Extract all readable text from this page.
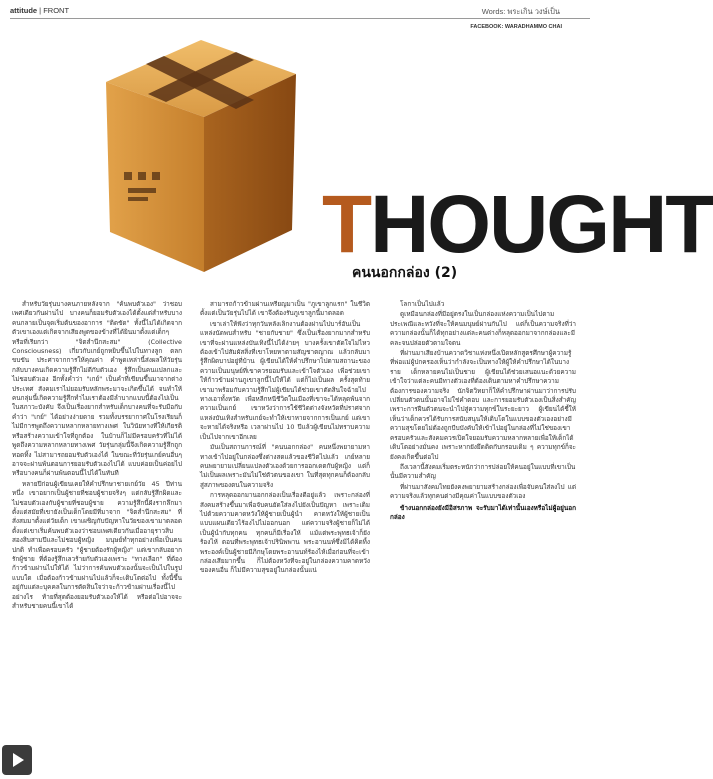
attitude | FRONT	Words: พระเกิน วงษ์เป็น
FACEBOOK: WARADHAMMO CHAI
THOUGHT
คนนอกกล่อง (2)

สำหรับวัยรุ่นบางคนภายหลังจาก "ค้นพบตัวเอง" ว่าชอบเพศเดียวกันผ่านไป บางคนก็ยอมรับตัวเองได้ตั้งแต่สำหรับบางคนกลายเป็นจุดเริ่มต้นของอาการ "ติดขัด" ทั้งนี้ไม่ได้เกิดจากตัวเขาเองแต่เกิดจากเสียงพูดของข้างที่ได้ยินมาตั้งแต่เด็กๆ หรือที่เรียกว่า "จิตสำนึกสะสม" (Collective Consciousness) เกี่ยวกับเกย์ถูกหยิบขึ้นไปในทางลูก ตลกขบขัน ประศาจากการให้คุณค่า คำพูดเหล่านี้ส่งผลให้วัยรุ่นกลับบางคนเกิดความรู้สึกไม่ดีกับตัวเอง รู้สึกเป็นคนแปลกและไม่ชอบตัวเอง อีกทั้งคำว่า "เกย์" เป็นคำที่เขียนขึ้นมาจากต่างประเทศ สังคมเราไม่ยอมรับหลักพระมาจะเกิดขึ้นได้ จนทำให้คนกลุ่มนี้เกิดความรู้สึกทำไมเราต้องมีลำบากแบบนี้ต้องไปเป็นในสภาวะบังคับ จึงเป็นเรื่องยากสำหรับเด็กบางคนที่จะรับมือกับคำว่า "เกย์" ได้อย่างง่ายดาย รวมทั้งบรรยากาศในโรงเรียนก็ไม่มีการพูดถึงความหลากหลายทางเพศ ในวินัยทางที่ให้เกียรติหรือสร้างความเข้าใจที่ถูกต้อง ในบ้านก็ไม่มีครอบครัวที่ไม่ได้พูดถึงความหลากหลายทางเพศ วัยรุ่นกลุ่มนี้จึงเกิดความรู้สึกถูกทอดทิ้ง ไม่สามารถยอมรับตัวเองได้ ในขณะที่วัยรุ่นเกย์คนอื่นๆ อาจจะผ่านพ้นตอนการยอมรับตัวเองไปได้ แบบค่อยเป็นค่อยไป หรือบางคนก็ผ่านพ้นตอนนี้ไปได้ในทันที

หลายปีก่อนผู้เขียนเคยให้คำปรึกษาชายเกย์วัย 45 ปีท่านหนึ่ง เขาอยากเป็นผู้ชายที่ชอบผู้ชายจริงๆ แต่กลับรู้สึกผิดและไม่ชอบตัวเองกับผู้ชายที่ชอบผู้ชาย ความรู้สึกนี้ฝังรากลึกมาตั้งแต่สมัยที่เขายังเป็นเด็กโดยมีที่มาจาก "จิตสำนึกสะสม" ที่สั่งสมมาตั้งแต่วัยเด็ก เขาเผชิญกับปัญหาในวัยของเขามาตลอด ตั้งแต่เขาเริ่มค้นพบตัวเองว่าชอบเพศเดียวกันเมื่ออายุราวสิบสองสิบสามปีและไม่ชอบผู้หญิง มนุษย์ทำทุกอย่างเพื่อเป็นคนปกติ ทำเพื่อครอบครัว "ผู้ชายต้องรักผู้หญิง" แต่เขากลับอยากรักผู้ชาย ที่ต้องรู้สึกเลวร้ายกับตัวเองเพราะ "ทางเลือก" ที่ต้องก้าวข้ามผ่านไปให้ได้ ไม่ว่าการค้นพบตัวเองนั้นจะเป็นไปในรูปแบบใด เมื่อต้องก้าวข้ามผ่านไปแล้วก็จะเติบโตต่อไป ทั้งนี้ขึ้นอยู่กับแต่ละบุคคลในการตัดสินใจว่าจะก้าวข้ามผ่านเรื่องนี้ไปอย่างไร ท้ายที่สุดต้องยอมรับตัวเองให้ได้ หรือต่อไปอาจจะสำหรับชายคนนี้เขาได้

สามารถก้าวข้ามผ่านเหรียญมาเป็น "ภูเขาลูกแรก" ในชีวิตตั้งแต่เป็นวัยรุ่นไปได้ เขาจึงต้องรับภูเขาลูกนี้มาตลอด

เขาเล่าให้ฟังว่าทุกวันหลังเลิกงานต้องผ่านไปบาร์อันเป็นแหล่งนัดพบสำหรับ "ชายกับชาย" ซึ่งเป็นเรื่องยากมากสำหรับเขาที่จะผ่านแหล่งบันเทิงนี้ไปได้ง่ายๆ บางครั้งเขาตัดใจไม่ไหวต้องเข้าไปสัมผัสสิ่งที่เขาโหยหาตามสัญชาตญาณ แล้วกลับมารู้สึกผิดบาปอยู่ที่บ้าน ผู้เขียนได้ให้คำปรึกษาไปตามสถานะของความเป็นมนุษย์ที่เขาควรยอมรับและเข้าใจตัวเอง เพื่อช่วยเขาให้ก้าวข้ามผ่านภูเขาลูกนี้ไปให้ได้ แต่ก็ไม่เป็นผล ครั้งสุดท้ายเขามาพร้อมกับความรู้สึกไม่ผู้เขียนได้ช่วยเขาตัดสินใจฉ้ายไปทางเอาทั้งหวัด เพื่อหลีกหนีชีวิตในเมืองที่เขาจะได้หลุดพ้นจากความเป็นเกย์ เขาหวังว่าการใช้ชีวิตต่างจังหวัดที่ปราศจากแหล่งบันเทิงสำหรับเกย์จะทำให้เขาหายจากการเป็นเกย์ แต่เขาจะหายได้จริงหรือ เวลาผ่านไป 10 ปีแล้วผู้เขียนไม่ทราบความเป็นไปจากเขาอีกเลย

มันเป็นสถานการณ์ที่ "คนนอกกล่อง" คนหนึ่งพยายามหาทางเข้าไปอยู่ในกล่องซึ่งต่างสดแล้วของชีวิตไปแล้ว เกย์หลายคนพยายามเปลี่ยนแปลงตัวเองด้วยการออกเดตกับผู้หญิง แต่ก็ไม่เป็นผลเพราะมันไม่ใช่ตัวตนของเขา ในที่สุดทุกคนก็ต้องกลับสู่สภาพของตนในความจริง

การหลุดออกมานอกกล่องเป็นเรื่องดีอยู่แล้ว เพราะกล่องที่สังคมสร้างขึ้นมาเพื่อจับคนยัดใส่ลงไปยังเป็นปัญหา เพราะเติมไปด้วยความคาดหวังให้ผู้ชายเป็นผู้นำ คาดหวังให้ผู้ชายเป็นแบบแผนเดียวไร้องไปไม่ออกนอก แต่ความจริงผู้ชายก็ไม่ได้เป็นผู้นำกับทุกคน ทุกคนก็มีเรื่องให้ แม้แต่พระพุทธเจ้าก็ยังร้องไห้ ตอนที่พระพุทธเจ้าปรินิพพาน พระอานนท์ซึ่งมิได้คิดทิ้งพระองค์เป็นผู้ชายมีภิกษุโดยพระอานนท์ร้องไห้เมื่อก่อนที่จะเข้ากล่องเสียมากขึ้น ก็ไม่ต้องหวังที่จะอยู่ในกล่องความคาดหวังของคนอื่น ก็ไม่มีความสุขอยู่ในกล่องนั้นแน่

โลกาเป็นไปแล้ว

ดูเหมือนกล่องที่มีอยู่ตรงในเป็นกล่องแห่งความเป็นไปตามประเพณีและหวังที่จะให้คนมนุษย์ผ่านกันไป แต่ก็เป็นความจริงที่ว่าความกล่องนั้นก็ได้ทุกอย่างแต่ละคนต่างก็หลุดออกมาจากกล่องและมีคละจนปล่อยตัวตามใจตน

ที่ผ่านมาเสียงบ้านควาดวิชาแห่งหนึ่งเปิดหลักสูตรศึกษาผู้ความรู้ ที่พ่อแม่ผู้ปกครองเห็นว่ากำลังจะเป็นทางให้ผู้ให้คำปรึกษาได้ในบางราย เด็กหลายคนไม่เป็นชาย ผู้เขียนได้ช่วยเสนอแนะด้วยความเข้าใจว่าแต่ละคนมีทางตัวเองที่ต้องเดินตามหาคำปรึกษาความต้องการของความจริง นักจิตวิทยาก็ให้คำปรึกษาผ่านมาว่าการปรับเปลี่ยนตัวตนนั้นอาจไม่ใช่คำตอบ และการยอมรับตัวเองเป็นสิ่งสำคัญ เพราะการฝืนตัวตนจะนำไปสู่ความทุกข์ในระยะยาว ผู้เขียนได้ชี้ให้เห็นว่าเด็กควรได้รับการสนับสนุนให้เติบโตในแบบของตัวเองอย่างมีความสุขโดยไม่ต้องถูกบีบบังคับให้เข้าไปอยู่ในกล่องที่ไม่ใช่ของเขา ครอบครัวและสังคมควรเปิดใจยอมรับความหลากหลายเพื่อให้เด็กได้เติบโตอย่างมั่นคง เพราะหากยังยึดติดกับกรอบเดิม ๆ ความทุกข์ก็จะยังคงเกิดขึ้นต่อไป

ถึงเวลานี้สังคมเริ่มตระหนักว่าการปล่อยให้คนอยู่ในแบบที่เขาเป็นนั้นมีความสำคัญ

ที่ผ่านมาสังคมไทยยังคงพยายามสร้างกล่องเพื่อจับคนใส่ลงไป แต่ความจริงแล้วทุกคนต่างมีคุณค่าในแบบของตัวเอง

ข้างนอกกล่องยังมีอิสรภาพ จะรับมาได้เท่านั้นเองหรือไม่ผู้อยู่นอกกล่อง
